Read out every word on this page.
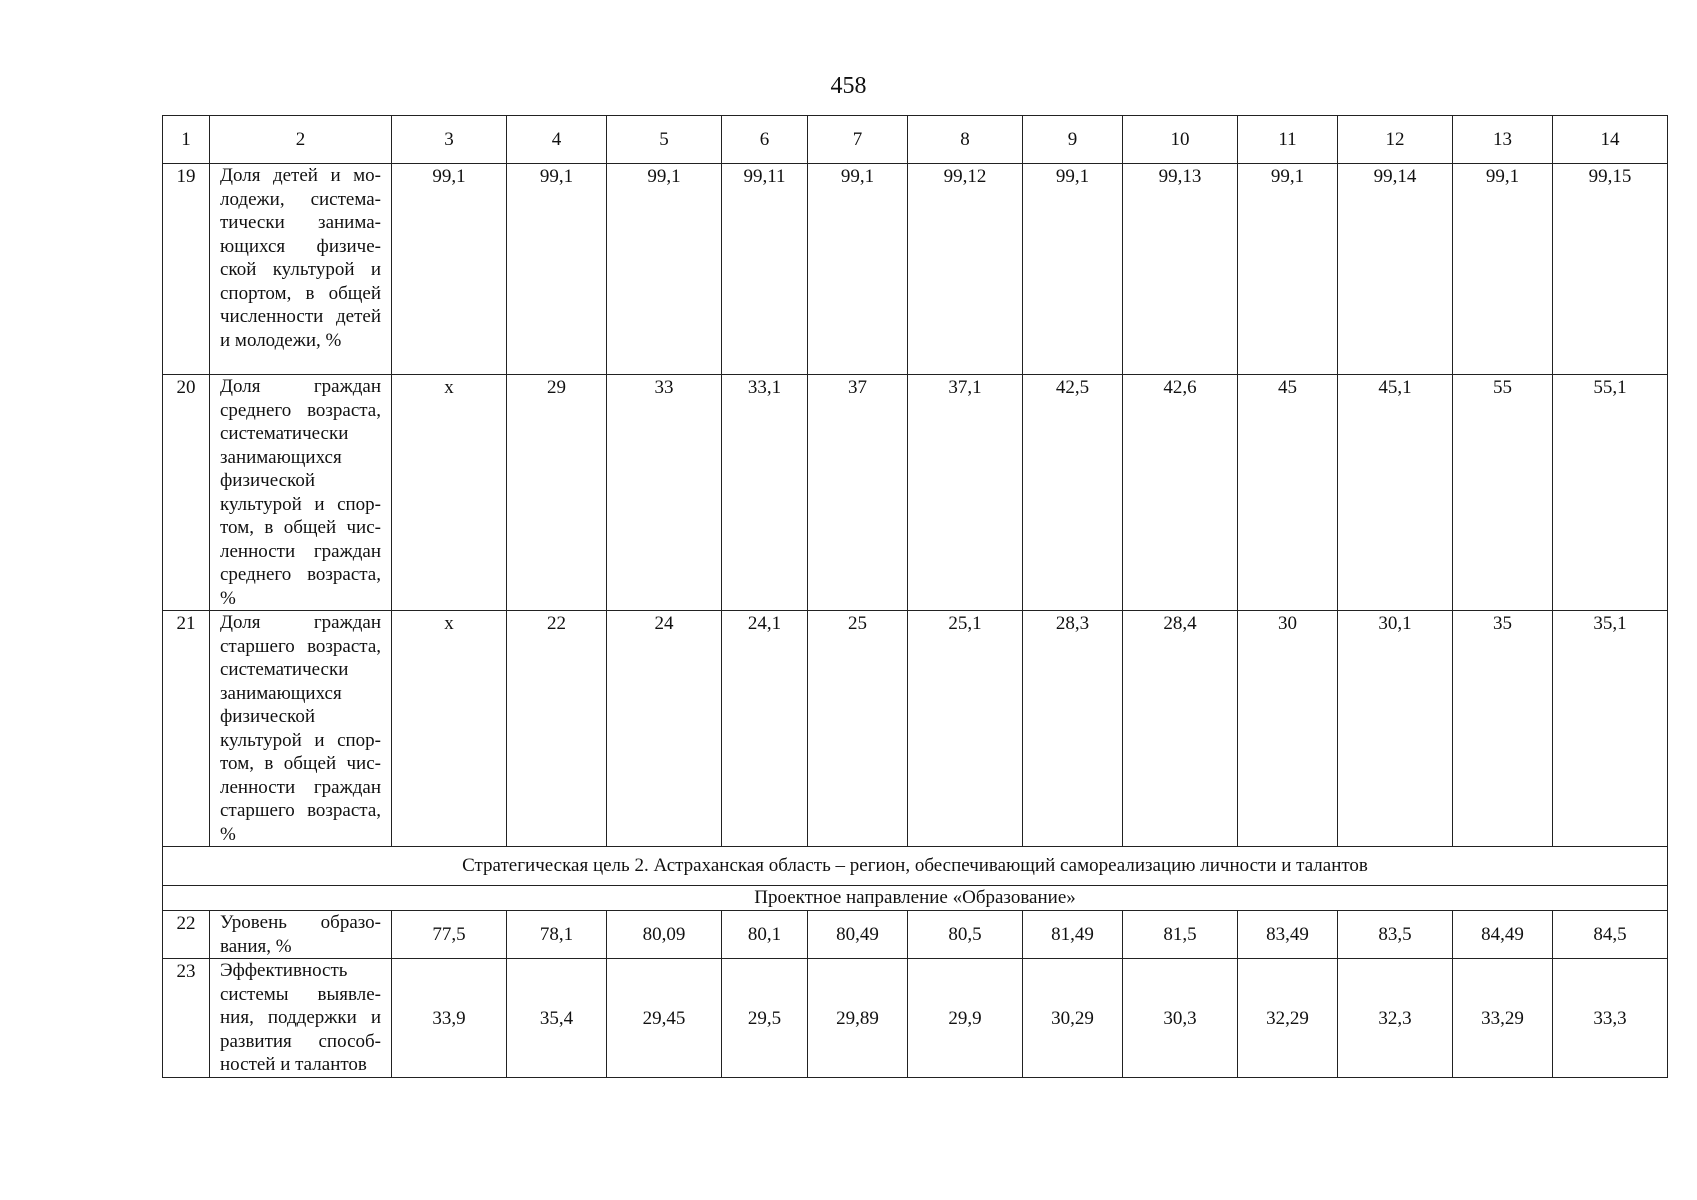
458
1	2	3	4	5	6	7	8	9	10	11	12	13	14
19	Доля детей и молодежи, систематически занимающихся физической культурой и спортом, в общей численности детей и молодежи, %	99,1	99,1	99,1	99,11	99,1	99,12	99,1	99,13	99,1	99,14	99,1	99,15
20	Доля граждан среднего возраста, систематически занимающихся физической культурой и спортом, в общей численности граждан среднего возраста, %	х	29	33	33,1	37	37,1	42,5	42,6	45	45,1	55	55,1
21	Доля граждан старшего возраста, систематически занимающихся физической культурой и спортом, в общей численности граждан старшего возраста, %	х	22	24	24,1	25	25,1	28,3	28,4	30	30,1	35	35,1
Стратегическая цель 2. Астраханская область – регион, обеспечивающий самореализацию личности и талантов													
Проектное направление «Образование»													
22	Уровень образования, %	77,5	78,1	80,09	80,1	80,49	80,5	81,49	81,5	83,49	83,5	84,49	84,5
23	Эффективность системы выявления, поддержки и развития способностей и талантов	33,9	35,4	29,45	29,5	29,89	29,9	30,29	30,3	32,29	32,3	33,29	33,3
